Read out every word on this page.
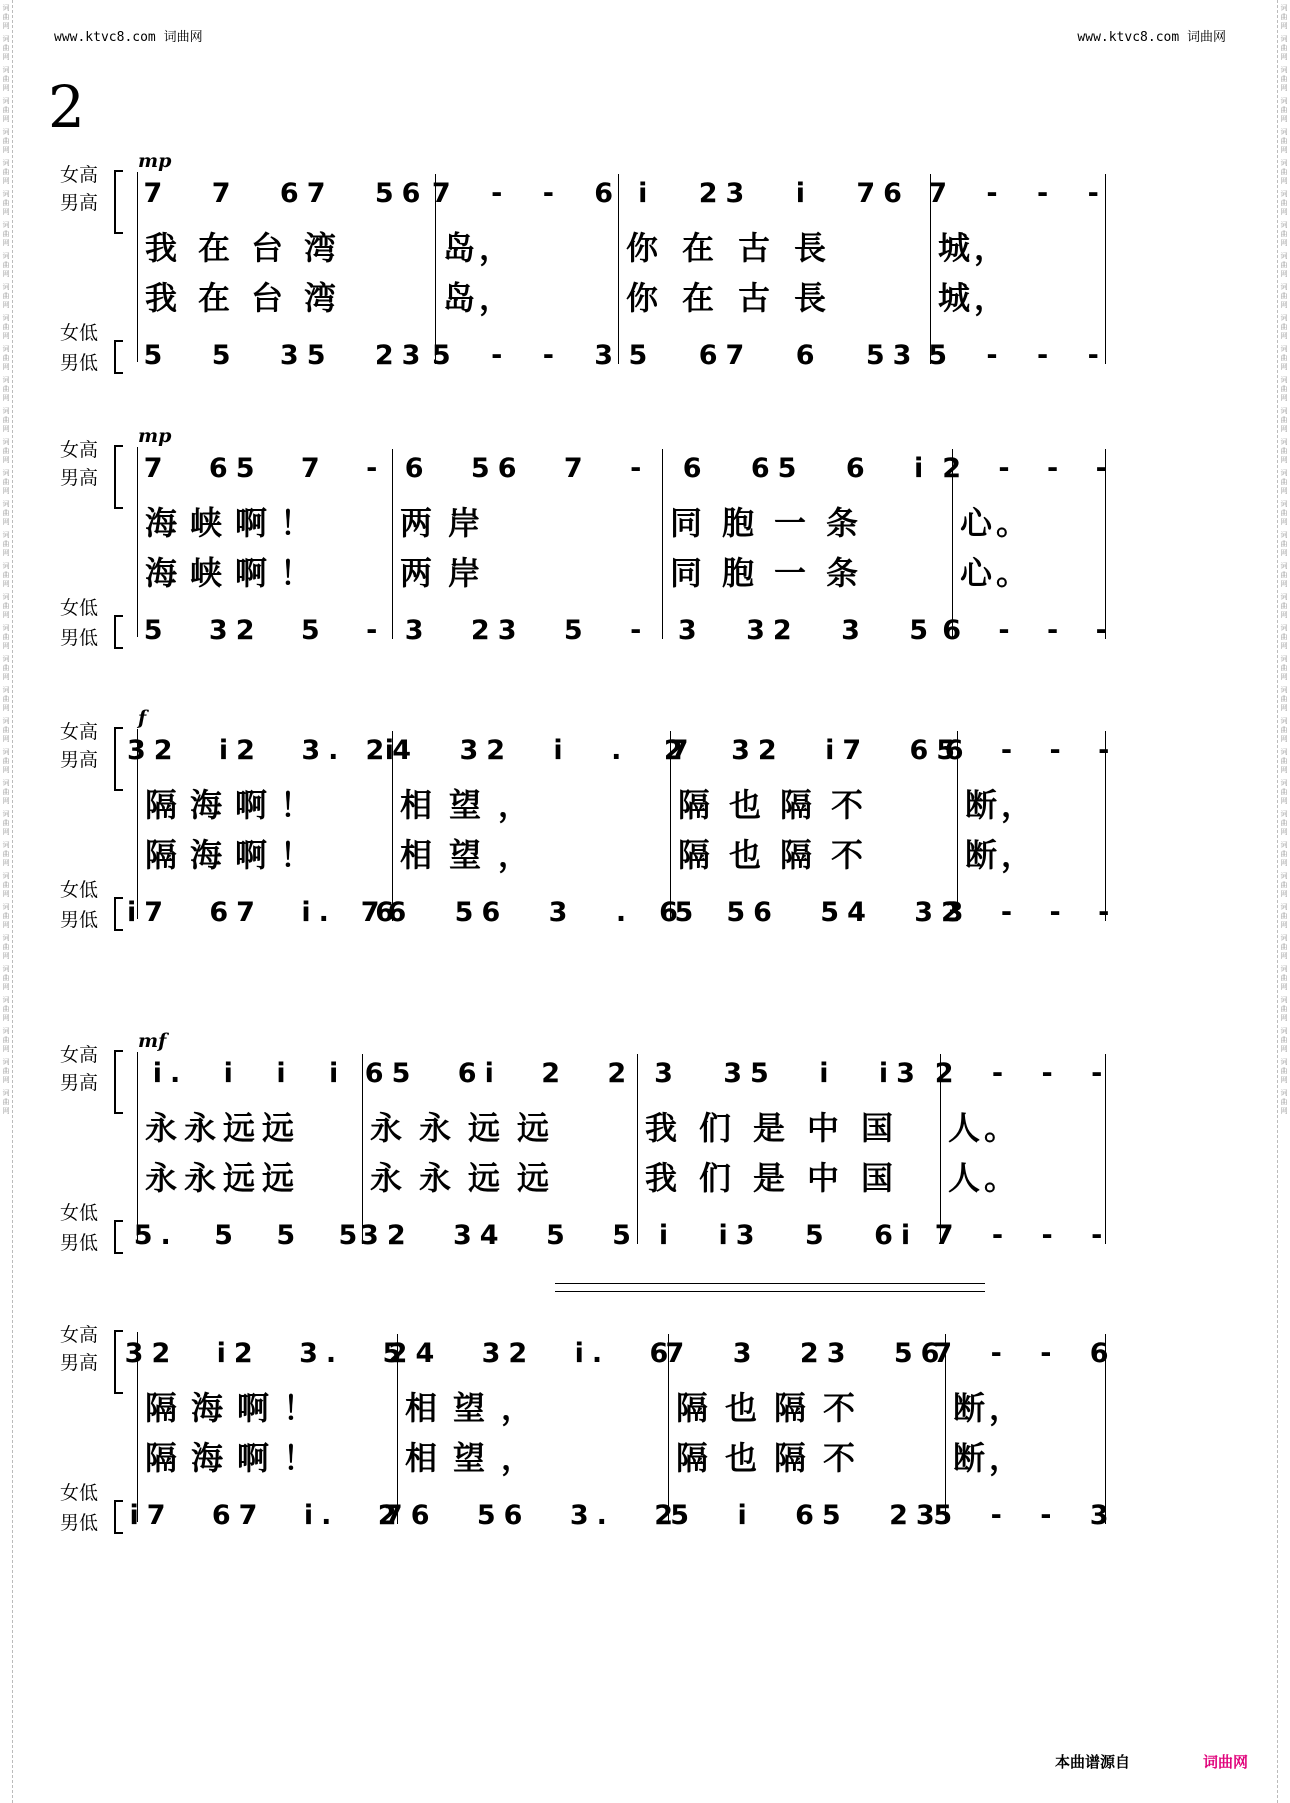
词曲网
词曲网
词曲网
词曲网
词曲网
词曲网
词曲网
词曲网
词曲网
词曲网
词曲网
词曲网
词曲网
词曲网
词曲网
词曲网
词曲网
词曲网
词曲网
词曲网
词曲网
词曲网
词曲网
词曲网
词曲网
词曲网
词曲网
词曲网
词曲网
词曲网
词曲网
词曲网
词曲网
词曲网
词曲网
词曲网
词曲网
词曲网
词曲网
词曲网
词曲网
词曲网
词曲网
词曲网
词曲网
词曲网
词曲网
词曲网
词曲网
词曲网
词曲网
词曲网
词曲网
词曲网
词曲网
词曲网
词曲网
词曲网
词曲网
词曲网
词曲网
词曲网
词曲网
词曲网
词曲网
词曲网
词曲网
词曲网
词曲网
词曲网
词曲网
词曲网
www.ktvc8.com 词曲网	www.ktvc8.com 词曲网
2
女高
男高
女低
男低
mp
7 7 67 56
我在台湾
我在台湾
5 5 35 23
7 - - 6
岛，
岛，
5 - - 3
i 23 i 76
你在古長
你在古長
5 67 6 53
7 - - -
城，
城，
5 - - -
女高
男高
女低
男低
mp
7 65 7 -
海峡啊！
海峡啊！
5 32 5 -
6 56 7 -
两岸
两岸
3 23 5 -
6 65 6 i
同胞一条
同胞一条
3 32 3 5
2 - - -
心。
心。
6 - - -
女高
男高
女低
男低
f
32 i2 3. i
隔海啊！
隔海啊！
i7 67 i. 6
24 32 i . 7
相望，
相望，
76 56 3 . 5
2 32 i7 65
隔也隔不
隔也隔不
6 56 54 32
6 - - -
断，
断，
3 - - -
女高
男高
女低
男低
mf
i. i i i
永永远远
永永远远
5. 5 5 5
65 6i 2 2
永永远远
永永远远
32 34 5 5
3 35 i i3
我们是中国
我们是中国
i i3 5 6i
2 - - -
人。
人。
7 - - -
女高
男高
女低
男低
32 i2 3. 5
隔海啊！
隔海啊！
i7 67 i. 2
24 32 i. 6
相望，
相望，
76 56 3. 2
7 3 23 56
隔也隔不
隔也隔不
5 i 65 23
7 - - 6
断，
断，
5 - - 3
本曲谱源自	词曲网
